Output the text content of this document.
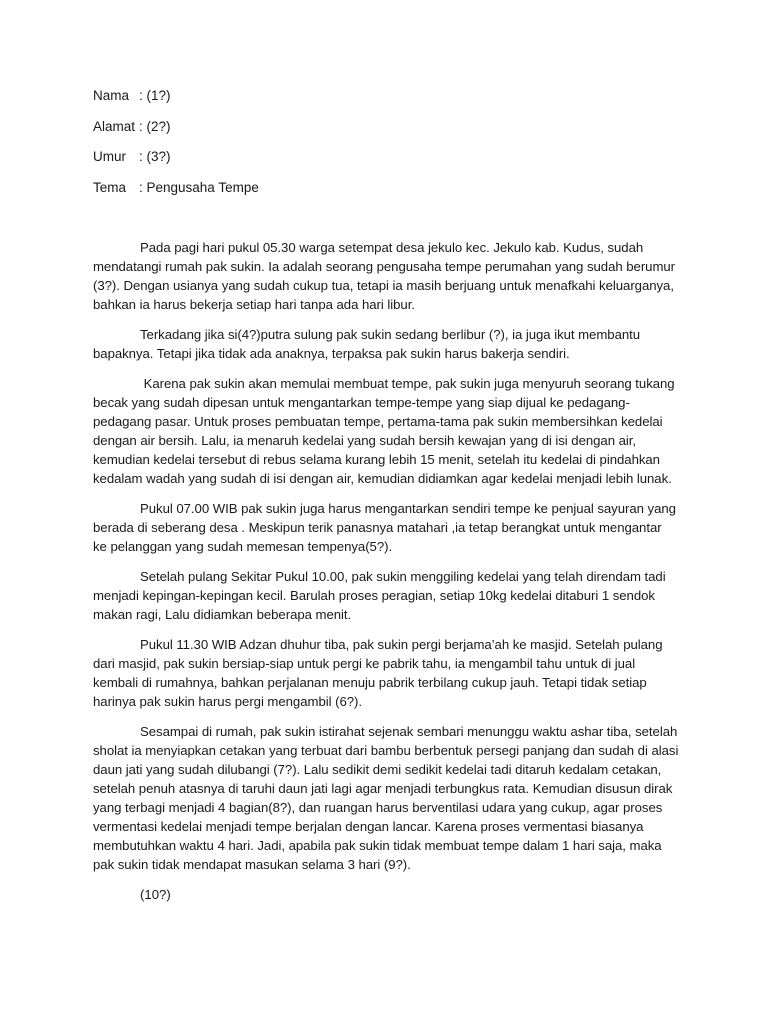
Nama : (1?)
Alamat : (2?)
Umur : (3?)
Tema : Pengusaha Tempe

Pada pagi hari pukul 05.30 warga setempat desa jekulo kec. Jekulo kab. Kudus, sudah
mendatangi rumah pak sukin. Ia adalah seorang pengusaha tempe perumahan yang sudah berumur
(3?). Dengan usianya yang sudah cukup tua, tetapi ia masih berjuang untuk menafkahi keluarganya,
bahkan ia harus bekerja setiap hari tanpa ada hari libur.

Terkadang jika si(4?)putra sulung pak sukin sedang berlibur (?), ia juga ikut membantu
bapaknya. Tetapi jika tidak ada anaknya, terpaksa pak sukin harus bakerja sendiri.

Karena pak sukin akan memulai membuat tempe, pak sukin juga menyuruh seorang tukang
becak yang sudah dipesan untuk mengantarkan tempe-tempe yang siap dijual ke pedagang-
pedagang pasar. Untuk proses pembuatan tempe, pertama-tama pak sukin membersihkan kedelai
dengan air bersih. Lalu, ia menaruh kedelai yang sudah bersih kewajan yang di isi dengan air,
kemudian kedelai tersebut di rebus selama kurang lebih 15 menit, setelah itu kedelai di pindahkan
kedalam wadah yang sudah di isi dengan air, kemudian didiamkan agar kedelai menjadi lebih lunak.

Pukul 07.00 WIB pak sukin juga harus mengantarkan sendiri tempe ke penjual sayuran yang
berada di seberang desa . Meskipun terik panasnya matahari ,ia tetap berangkat untuk mengantar
ke pelanggan yang sudah memesan tempenya(5?).

Setelah pulang Sekitar Pukul 10.00, pak sukin menggiling kedelai yang telah direndam tadi
menjadi kepingan-kepingan kecil. Barulah proses peragian, setiap 10kg kedelai ditaburi 1 sendok
makan ragi, Lalu didiamkan beberapa menit.

Pukul 11.30 WIB Adzan dhuhur tiba, pak sukin pergi berjama’ah ke masjid. Setelah pulang
dari masjid, pak sukin bersiap-siap untuk pergi ke pabrik tahu, ia mengambil tahu untuk di jual
kembali di rumahnya, bahkan perjalanan menuju pabrik terbilang cukup jauh. Tetapi tidak setiap
harinya pak sukin harus pergi mengambil (6?).

Sesampai di rumah, pak sukin istirahat sejenak sembari menunggu waktu ashar tiba, setelah
sholat ia menyiapkan cetakan yang terbuat dari bambu berbentuk persegi panjang dan sudah di alasi
daun jati yang sudah dilubangi (7?). Lalu sedikit demi sedikit kedelai tadi ditaruh kedalam cetakan,
setelah penuh atasnya di taruhi daun jati lagi agar menjadi terbungkus rata. Kemudian disusun dirak
yang terbagi menjadi 4 bagian(8?), dan ruangan harus berventilasi udara yang cukup, agar proses
vermentasi kedelai menjadi tempe berjalan dengan lancar. Karena proses vermentasi biasanya
membutuhkan waktu 4 hari. Jadi, apabila pak sukin tidak membuat tempe dalam 1 hari saja, maka
pak sukin tidak mendapat masukan selama 3 hari (9?).

(10?)
